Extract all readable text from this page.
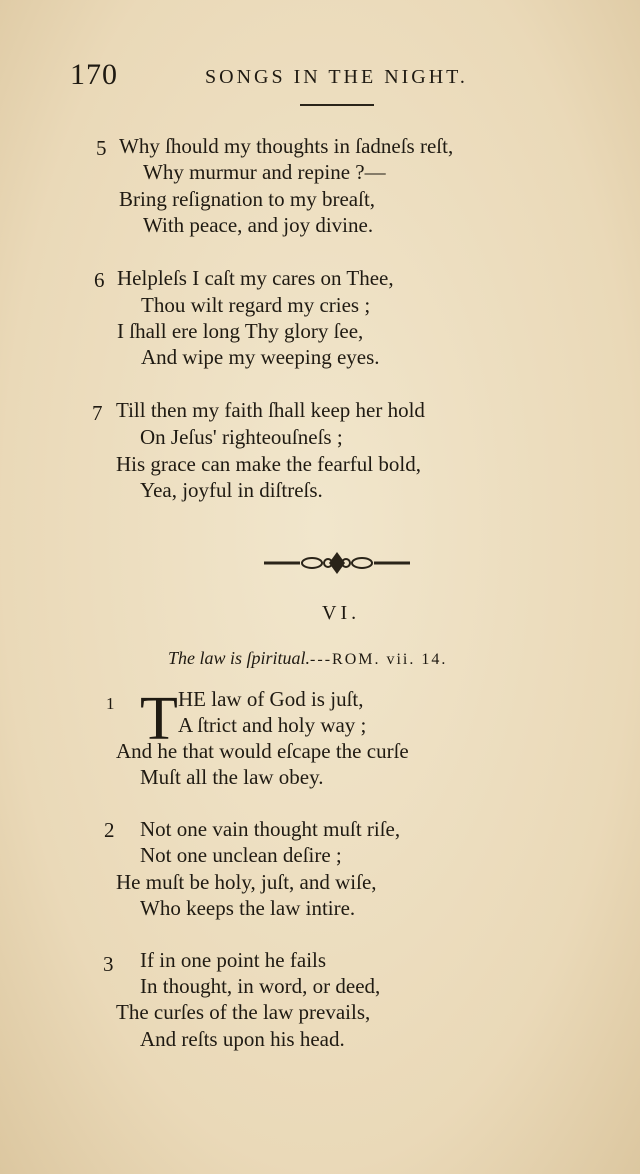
170	SONGS IN THE NIGHT.
5 Why ſhould my thoughts in ſadneſs reſt,
Why murmur and repine ?—
Bring reſignation to my breaſt,
With peace, and joy divine.
6 Helpleſs I caſt my cares on Thee,
Thou wilt regard my cries ;
I ſhall ere long Thy glory ſee,
And wipe my weeping eyes.
7 Till then my faith ſhall keep her hold
On Jeſus' righteouſneſs ;
His grace can make the fearful bold,
Yea, joyful in diſtreſs.
VI.
The law is ſpiritual.---ROM. vii. 14.
1 T HE law of God is juſt,
A ſtrict and holy way ;
And he that would eſcape the curſe
Muſt all the law obey.
2 Not one vain thought muſt riſe,
Not one unclean deſire ;
He muſt be holy, juſt, and wiſe,
Who keeps the law intire.
3 If in one point he fails
In thought, in word, or deed,
The curſes of the law prevails,
And reſts upon his head.
